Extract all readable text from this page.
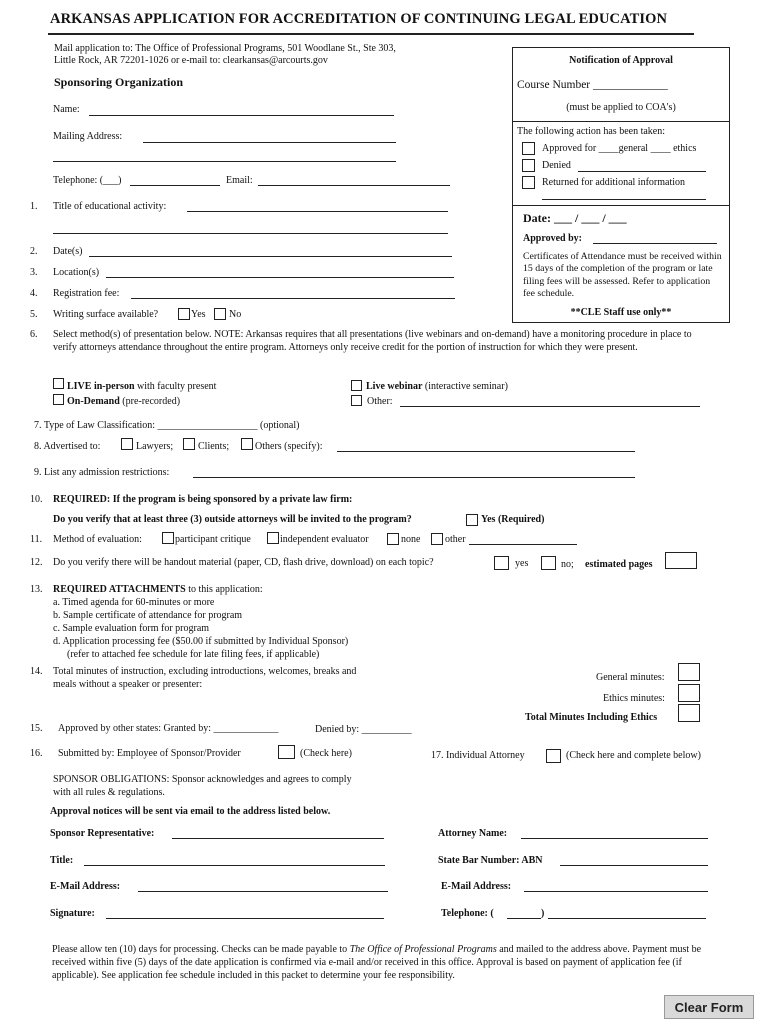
ARKANSAS APPLICATION FOR ACCREDITATION OF CONTINUING LEGAL EDUCATION
Mail application to: The Office of Professional Programs, 501 Woodlane St., Ste 303,
Little Rock, AR 72201-1026 or e-mail to: clearkansas@arcourts.gov
Sponsoring Organization
Name:
Mailing Address:
Telephone: (___)	Email:
Notification of Approval
Course Number _____________
(must be applied to COA's)
The following action has been taken:
Approved for ____general ____ ethics
Denied
Returned for additional information
Date: ___ / ___ / ___
Approved by:
Certificates of Attendance must be received within 15 days of the completion of the program or late filing fees will be assessed. Refer to application fee schedule.
**CLE Staff use only**
1. Title of educational activity:
2. Date(s)
3. Location(s)
4. Registration fee:
5. Writing surface available?	Yes No
6. Select method(s) of presentation below. NOTE: Arkansas requires that all presentations (live webinars and on-demand) have a monitoring procedure in place to verify attorneys attendance throughout the entire program. Attorneys only receive credit for the portion of instruction for which they were present.
LIVE in-person with faculty present
On-Demand (pre-recorded)
Live webinar (interactive seminar)
Other:
7. Type of Law Classification: ____________________ (optional)
8. Advertised to:	Lawyers; Clients;	Others (specify):
9. List any admission restrictions:
10. REQUIRED: If the program is being sponsored by a private law firm:
Do you verify that at least three (3) outside attorneys will be invited to the program?	Yes (Required)
11. Method of evaluation:	participant critique	independent evaluator	none other
12. Do you verify there will be handout material (paper, CD, flash drive, download) on each topic?	yes	no; estimated pages
13. REQUIRED ATTACHMENTS to this application:
a. Timed agenda for 60-minutes or more
b. Sample certificate of attendance for program
c. Sample evaluation form for program
d. Application processing fee ($50.00 if submitted by Individual Sponsor)
(refer to attached fee schedule for late filing fees, if applicable)
14. Total minutes of instruction, excluding introductions, welcomes, breaks and
meals without a speaker or presenter:
General minutes:
Ethics minutes:
Total Minutes Including Ethics
15. Approved by other states: Granted by: _____________	Denied by: __________
16. Submitted by: Employee of Sponsor/Provider	(Check here)	17. Individual Attorney	(Check here and complete below)
SPONSOR OBLIGATIONS: Sponsor acknowledges and agrees to comply
with all rules & regulations.
Approval notices will be sent via email to the address listed below.
Sponsor Representative:
Title:
E-Mail Address:
Signature:
Attorney Name:
State Bar Number: ABN
E-Mail Address:
Telephone: (	)
Please allow ten (10) days for processing. Checks can be made payable to The Office of Professional Programs and mailed to the address above. Payment must be received within five (5) days of the date application is confirmed via e-mail and/or received in this office. Approval is based on payment of application fee (if applicable). See application fee schedule included in this packet to determine your fee responsibility.
Clear Form
